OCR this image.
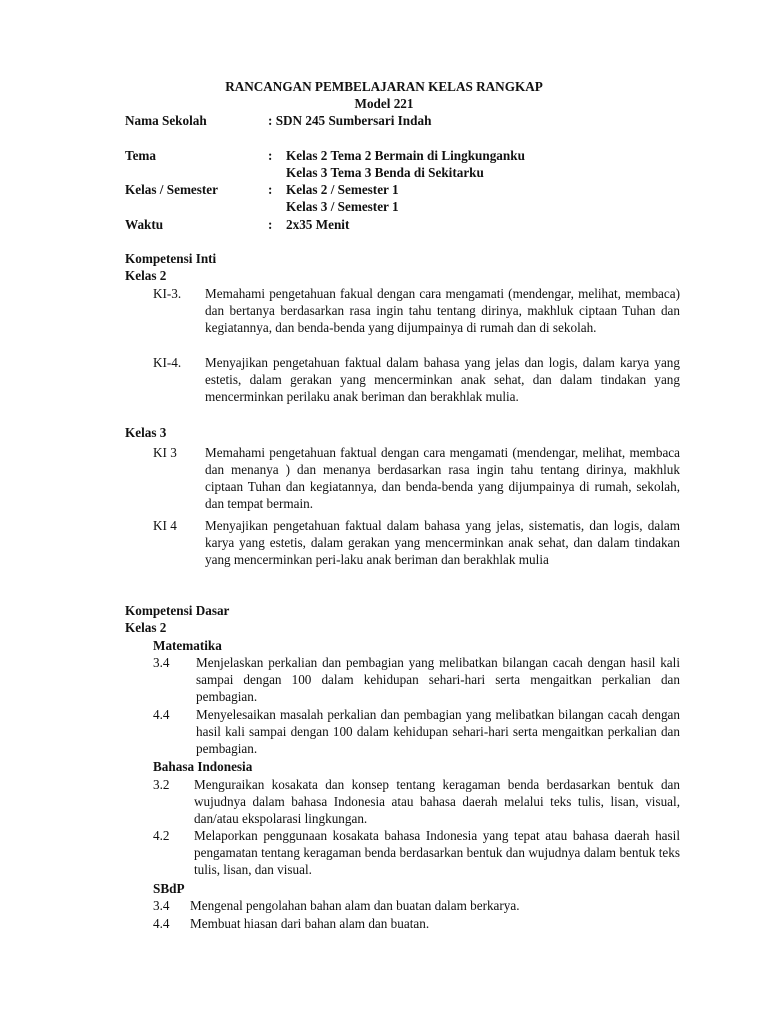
RANCANGAN PEMBELAJARAN KELAS RANGKAP
Model 221
Nama Sekolah	: SDN 245 Sumbersari Indah
Tema	: Kelas 2 Tema 2 Bermain di Lingkunganku
Kelas 3 Tema 3 Benda di Sekitarku
Kelas / Semester	: Kelas 2 / Semester 1
Kelas 3 / Semester 1
Waktu	: 2x35 Menit
Kompetensi Inti
Kelas 2
KI-3. Memahami pengetahuan fakual dengan cara mengamati (mendengar, melihat, membaca) dan bertanya berdasarkan rasa ingin tahu tentang dirinya, makhluk ciptaan Tuhan dan kegiatannya, dan benda-benda yang dijumpainya di rumah dan di sekolah.
KI-4. Menyajikan pengetahuan faktual dalam bahasa yang jelas dan logis, dalam karya yang estetis, dalam gerakan yang mencerminkan anak sehat, dan dalam tindakan yang mencerminkan perilaku anak beriman dan berakhlak mulia.
Kelas 3
KI 3 Memahami pengetahuan faktual dengan cara mengamati (mendengar, melihat, membaca dan menanya ) dan menanya berdasarkan rasa ingin tahu tentang dirinya, makhluk ciptaan Tuhan dan kegiatannya, dan benda-benda yang dijumpainya di rumah, sekolah, dan tempat bermain.
KI 4 Menyajikan pengetahuan faktual dalam bahasa yang jelas, sistematis, dan logis, dalam karya yang estetis, dalam gerakan yang mencerminkan anak sehat, dan dalam tindakan yang mencerminkan peri-laku anak beriman dan berakhlak mulia
Kompetensi Dasar
Kelas 2
Matematika
3.4 Menjelaskan perkalian dan pembagian yang melibatkan bilangan cacah dengan hasil kali sampai dengan 100 dalam kehidupan sehari-hari serta mengaitkan perkalian dan pembagian.
4.4 Menyelesaikan masalah perkalian dan pembagian yang melibatkan bilangan cacah dengan hasil kali sampai dengan 100 dalam kehidupan sehari-hari serta mengaitkan perkalian dan pembagian.
Bahasa Indonesia
3.2 Menguraikan kosakata dan konsep tentang keragaman benda berdasarkan bentuk dan wujudnya dalam bahasa Indonesia atau bahasa daerah melalui teks tulis, lisan, visual, dan/atau ekspolarasi lingkungan.
4.2 Melaporkan penggunaan kosakata bahasa Indonesia yang tepat atau bahasa daerah hasil pengamatan tentang keragaman benda berdasarkan bentuk dan wujudnya dalam bentuk teks tulis, lisan, dan visual.
SBdP
3.4 Mengenal pengolahan bahan alam dan buatan dalam berkarya.
4.4 Membuat hiasan dari bahan alam dan buatan.
